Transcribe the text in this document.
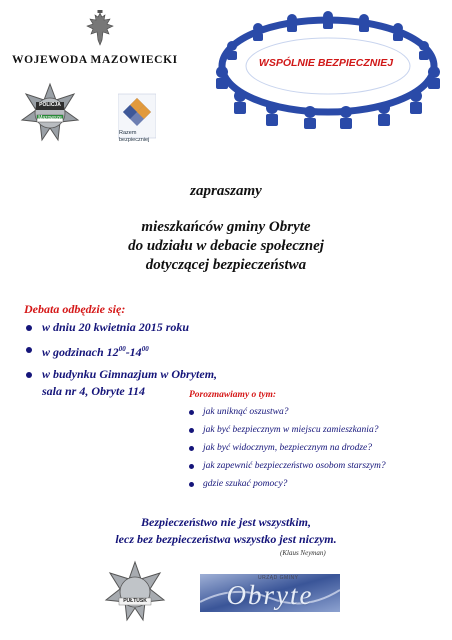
WOJEWODA MAZOWIECKI
POLICJA
Mazowsze
Razem
bezpieczniej
WSPÓLNIE BEZPIECZNIEJ
zapraszamy
mieszkańców gminy Obryte
do udziału w debacie społecznej
dotyczącej bezpieczeństwa
Debata odbędzie się:
w dniu 20 kwietnia 2015 roku
w godzinach $12^{00}-14^{00}$
w budynku Gimnazjum w Obrytem, sala nr 4, Obryte 114	Porozmawiamy o tym:
jak uniknąć oszustwa?
jak być bezpiecznym w miejscu zamieszkania?
jak być widocznym, bezpiecznym na drodze?
jak zapewnić bezpieczeństwo osobom starszym?
gdzie szukać pomocy?
Bezpieczeństwo nie jest wszystkim,
lecz bez bezpieczeństwa wszystko jest niczym.
(Klaus Neyman)
PUŁTUSK
URZĄD GMINY
Obryte
